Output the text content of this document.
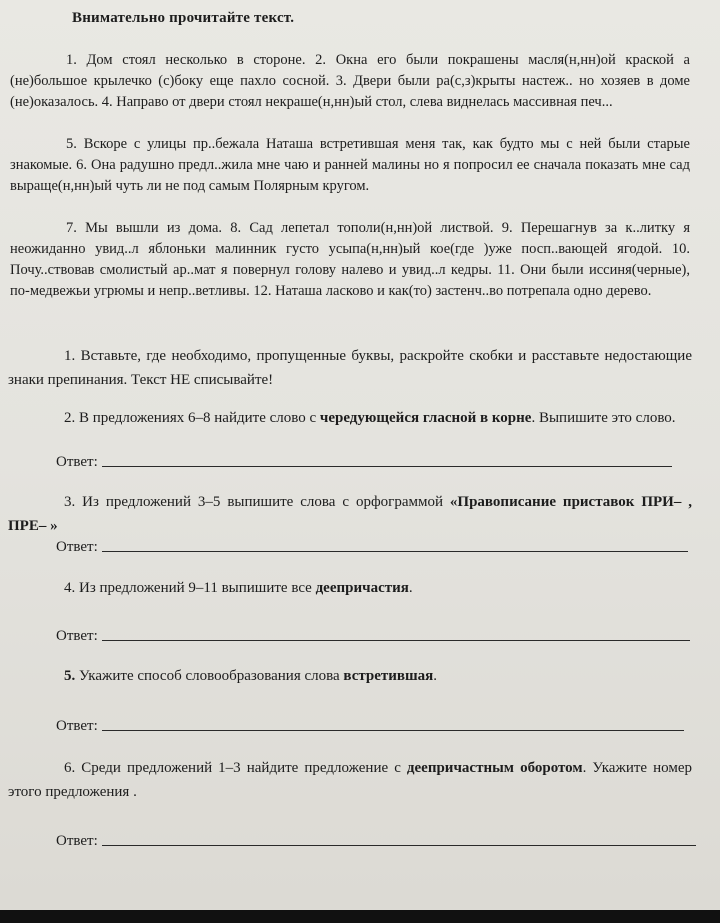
Внимательно прочитайте текст.

1. Дом стоял несколько в стороне. 2. Окна его были покрашены масля(н,нн)ой краской а (не)большое крылечко (с)боку еще пахло сосной. 3. Двери были ра(с,з)крыты настеж.. но хозяев в доме (не)оказалось. 4. Направо от двери стоял некраше(н,нн)ый стол, слева виднелась массивная печ...

5. Вскоре с улицы пр..бежала Наташа встретившая меня так, как будто мы с ней были старые знакомые. 6. Она радушно предл..жила мне чаю и ранней малины но я попросил ее сначала показать мне сад выраще(н,нн)ый чуть ли не под самым Полярным кругом.

7. Мы вышли из дома. 8. Сад лепетал тополи(н,нн)ой листвой. 9. Перешагнув за к..литку я неожиданно увид..л яблоньки малинник густо усыпа(н,нн)ый кое(где )уже посп..вающей ягодой. 10. Почу..ствовав смолистый ар..мат я повернул голову налево и увид..л кедры. 11. Они были иссиня(черные), по-медвежьи угрюмы и непр..ветливы. 12. Наташа ласково и как(то) застенч..во потрепала одно дерево.

1. Вставьте, где необходимо, пропущенные буквы, раскройте скобки и расставьте недостающие знаки препинания. Текст НЕ списывайте!

2. В предложениях 6–8 найдите слово с чередующейся гласной в корне. Выпишите это слово.

Ответ:

3. Из предложений 3–5 выпишите слова с орфограммой «Правописание приставок ПРИ– , ПРЕ– »

Ответ:

4. Из предложений 9–11 выпишите все деепричастия.

Ответ:

5. Укажите способ словообразования слова встретившая.

Ответ:

6. Среди предложений 1–3 найдите предложение с деепричастным оборотом. Укажите номер этого предложения .

Ответ:
